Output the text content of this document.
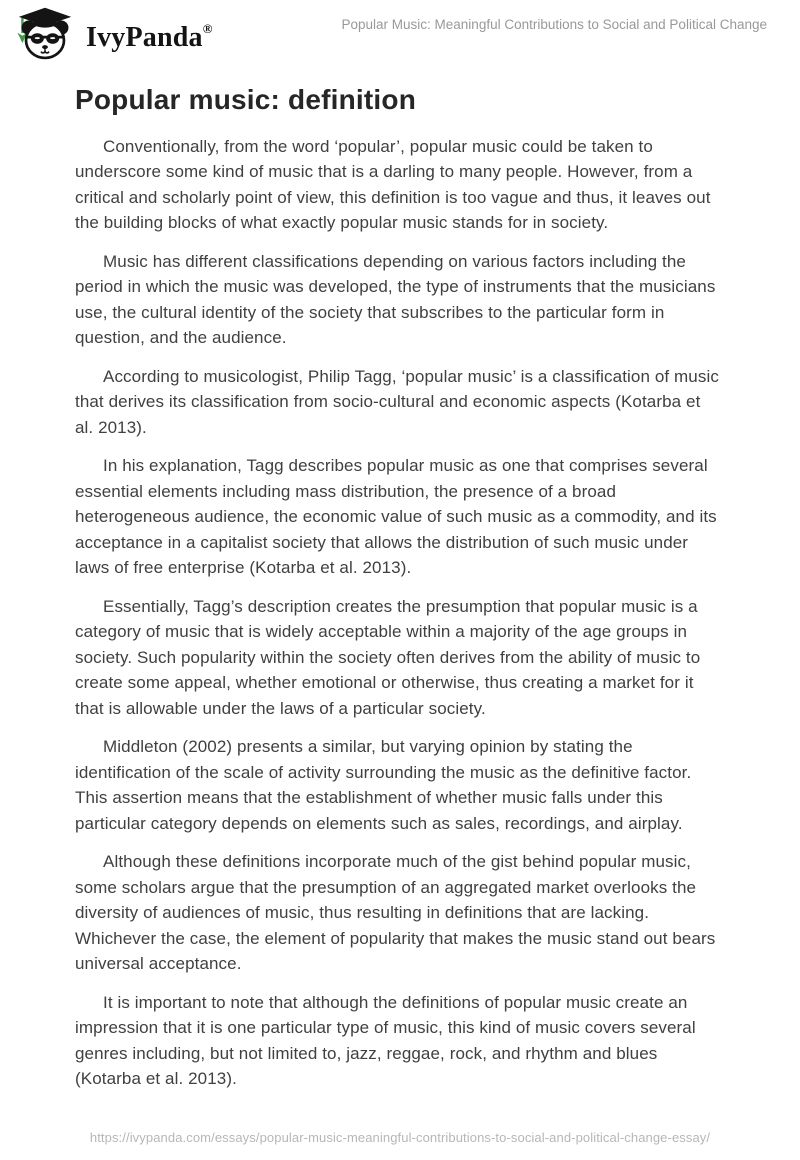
IvyPanda®	Popular Music: Meaningful Contributions to Social and Political Change
Popular music: definition

Conventionally, from the word ‘popular’, popular music could be taken to underscore some kind of music that is a darling to many people. However, from a critical and scholarly point of view, this definition is too vague and thus, it leaves out the building blocks of what exactly popular music stands for in society.

Music has different classifications depending on various factors including the period in which the music was developed, the type of instruments that the musicians use, the cultural identity of the society that subscribes to the particular form in question, and the audience.

According to musicologist, Philip Tagg, ‘popular music’ is a classification of music that derives its classification from socio-cultural and economic aspects (Kotarba et al. 2013).

In his explanation, Tagg describes popular music as one that comprises several essential elements including mass distribution, the presence of a broad heterogeneous audience, the economic value of such music as a commodity, and its acceptance in a capitalist society that allows the distribution of such music under laws of free enterprise (Kotarba et al. 2013).

Essentially, Tagg’s description creates the presumption that popular music is a category of music that is widely acceptable within a majority of the age groups in society. Such popularity within the society often derives from the ability of music to create some appeal, whether emotional or otherwise, thus creating a market for it that is allowable under the laws of a particular society.

Middleton (2002) presents a similar, but varying opinion by stating the identification of the scale of activity surrounding the music as the definitive factor. This assertion means that the establishment of whether music falls under this particular category depends on elements such as sales, recordings, and airplay.

Although these definitions incorporate much of the gist behind popular music, some scholars argue that the presumption of an aggregated market overlooks the diversity of audiences of music, thus resulting in definitions that are lacking. Whichever the case, the element of popularity that makes the music stand out bears universal acceptance.

It is important to note that although the definitions of popular music create an impression that it is one particular type of music, this kind of music covers several genres including, but not limited to, jazz, reggae, rock, and rhythm and blues (Kotarba et al. 2013).

https://ivypanda.com/essays/popular-music-meaningful-contributions-to-social-and-political-change-essay/
